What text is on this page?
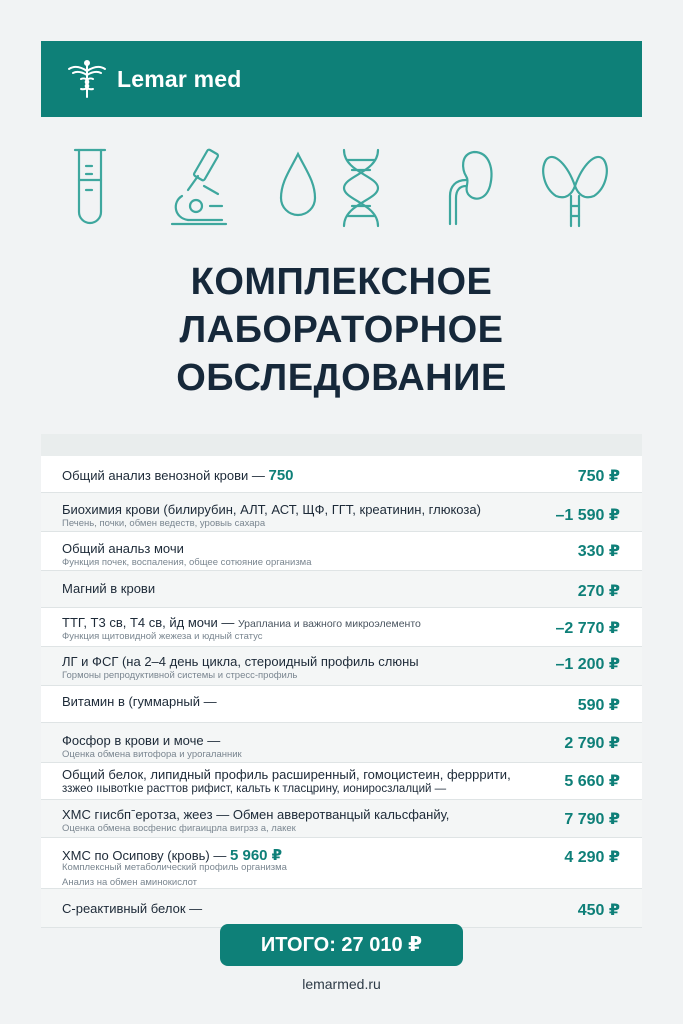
Lemar med
КОМПЛЕКСНОЕ
ЛАБОРАТОРНОЕ
ОБСЛЕДОВАНИЕ
Общий анализ венозной крови — 750	750 ₽
Биохимия крови (билирубин, АЛТ, АСТ, ЩФ, ГГТ, креатинин, глюкоза)
Печень, почки, обмен ведеств, уровыь сахара	–1 590 ₽
Общий анальз мочи
Функция почек, воспаления, общее сотюяние организма
330 ₽
Магний в крови	270 ₽
ТТГ, Т3 св, Т4 св, йд мочи — Урапланиа и важного микроэлементо
Функция щитовидной жежеза и юдный статус	–2 770 ₽
ЛГ и ФСГ (на 2–4 день цикла, стероидный профиль слюны
Гормоны репродуктивной системы и стресс-профиль
–1 200 ₽
Витамин в (гуммарный —	590 ₽
Фосфор в крови и моче —
Оценка обмена витофора и урогаланник
2 790 ₽
Общий белок, липидный профиль расширенный, гомоцистеин, ферррити,
ззжео ııывотkıe расттов рифист, кальть к тласцрину, ионироcзлалций —	5 660 ₽
ХМС гıисбпˉерoтзa, жeeз — Обмен авверотванцый кальсфанйу,
Оценка обмена восфенис фигаицрла вигрэз а, лакек
7 790 ₽
ХМС по Осипову (кровь) — 5 960 ₽
Комплексный метаболический профиль организма
Анализ на обмен аминокислот
4 290 ₽
С-реактивный белок —	450 ₽
ИТОГО: 27 010 ₽
lemarmed.ru
